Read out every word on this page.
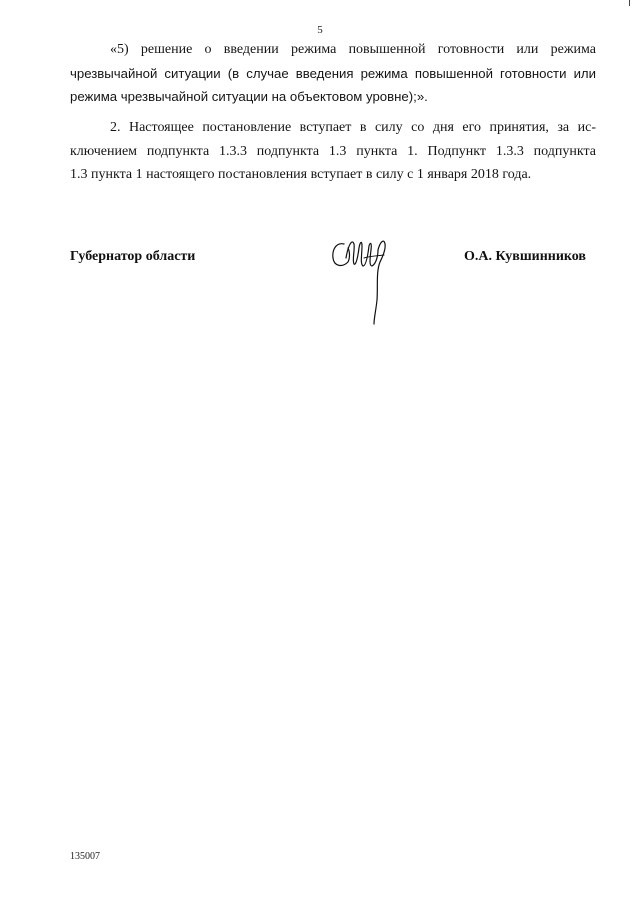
5
«5) решение о введении режима повышенной готовности или режима
чрезвычайной ситуации (в случае введения режима повышенной готовности или
режима чрезвычайной ситуации на объектовом уровне);».
2. Настоящее постановление вступает в силу со дня его принятия, за ис-
ключением подпункта 1.3.3 подпункта 1.3 пункта 1. Подпункт 1.3.3 подпункта
1.3 пункта 1 настоящего постановления вступает в силу с 1 января 2018 года.
Губернатор области	О.А. Кувшинников
135007
